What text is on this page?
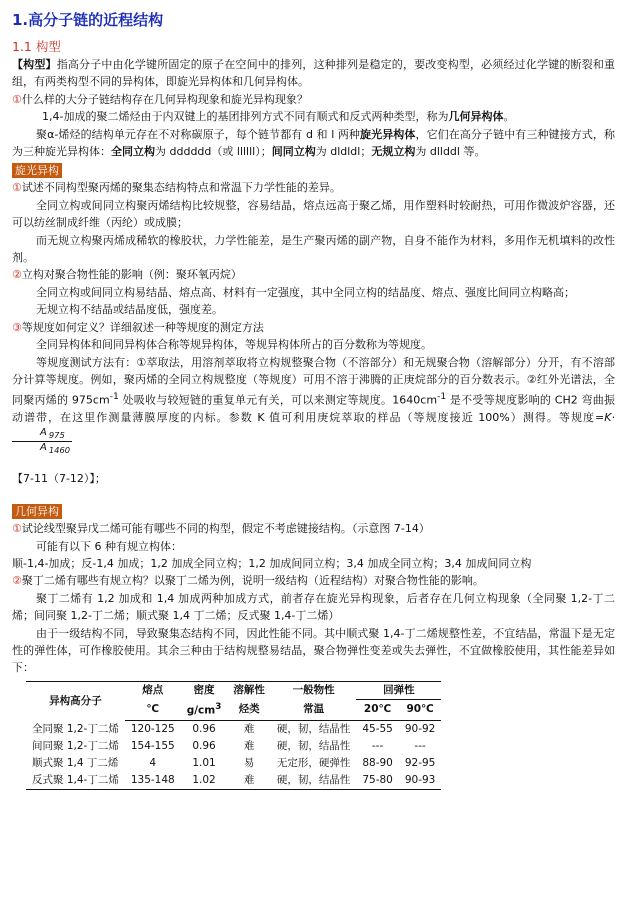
1.高分子链的近程结构
1.1 构型

【构型】指高分子中由化学键所固定的原子在空间中的排列，这种排列是稳定的，要改变构型，必须经过化学键的断裂和重组，有两类构型不同的异构体，即旋光异构体和几何异构体。

①什么样的大分子链结构存在几何异构现象和旋光异构现象？

1,4-加成的聚二烯烃由于内双键上的基团排列方式不同有顺式和反式两种类型，称为几何异构体。

聚α-烯烃的结构单元存在不对称碳原子，每个链节都有 d 和 l 两种旋光异构体，它们在高分子链中有三种键接方式，称为三种旋光异构体：全同立构为 dddddd（或 llllll）；间同立构为 dldldl；无规立构为 dllddl 等。

旋光异构

①试述不同构型聚丙烯的聚集态结构特点和常温下力学性能的差异。

全同立构或间同立构聚丙烯结构比较规整，容易结晶，熔点远高于聚乙烯，用作塑料时较耐热，可用作微波炉容器，还可以纺丝制成纤维（丙纶）或成膜；

而无规立构聚丙烯成稀软的橡胶状，力学性能差，是生产聚丙烯的副产物，自身不能作为材料，多用作无机填料的改性剂。

②立构对聚合物性能的影响（例：聚环氧丙烷）

全同立构或间同立构易结晶、熔点高、材料有一定强度，其中全同立构的结晶度、熔点、强度比间同立构略高；

无规立构不结晶或结晶度低，强度差。

③等规度如何定义？详细叙述一种等规度的测定方法

全同异构体和间同异构体合称等规异构体，等规异构体所占的百分数称为等规度。

等规度测试方法有：①萃取法，用溶剂萃取将立构规整聚合物（不溶部分）和无规聚合物（溶解部分）分开，有不溶部分计算等规度。例如，聚丙烯的全同立构规整度（等规度）可用不溶于沸腾的正庚烷部分的百分数表示。②红外光谱法，全同聚丙烯的 $975cm^{-1}$ 处吸收与较短链的重复单元有关，可以来测定等规度。$1640cm^{-1}$ 是不受等规度影响的 CH2 弯曲振动谱带，在这里作测量薄膜厚度的内标。参数 K 值可利用庚烷萃取的样品（等规度接近 100%）测得。等规度=K·
$\frac{A _{975}}{A _{1460}}$

【7-11（7-12）】；

几何异构

①试论线型聚异戊二烯可能有哪些不同的构型，假定不考虑键接结构。（示意图 7-14）

可能有以下 6 种有规立构体：

顺-1,4-加成；反-1,4 加成；1,2 加成全同立构；1,2 加成间同立构；3,4 加成全同立构；3,4 加成间同立构

②聚丁二烯有哪些有规立构？以聚丁二烯为例，说明一级结构（近程结构）对聚合物性能的影响。

聚丁二烯有 1,2 加成和 1,4 加成两种加成方式，前者存在旋光异构现象，后者存在几何立构现象（全同聚 1,2-丁二烯；间同聚 1,2-丁二烯；顺式聚 1,4 丁二烯；反式聚 1,4-丁二烯）

由于一级结构不同，导致聚集态结构不同，因此性能不同。其中顺式聚 1,4-丁二烯规整性差，不宜结晶，常温下是无定性的弹性体，可作橡胶使用。其余三种由于结构规整易结晶，聚合物弹性变差或失去弹性，不宜做橡胶使用，其性能差异如下：

异构高分子	熔点	密度	溶解性	一般物性	回弹性	
	℃	$g/cm^3$	烃类	常温	20℃	90℃
全同聚 1,2-丁二烯	120-125	0.96	难	硬，韧，结晶性	45-55	90-92
间同聚 1,2-丁二烯	154-155	0.96	难	硬，韧，结晶性	---	---
顺式聚 1,4 丁二烯	4	1.01	易	无定形，硬弹性	88-90	92-95
反式聚 1,4-丁二烯	135-148	1.02	难	硬，韧，结晶性	75-80	90-93
